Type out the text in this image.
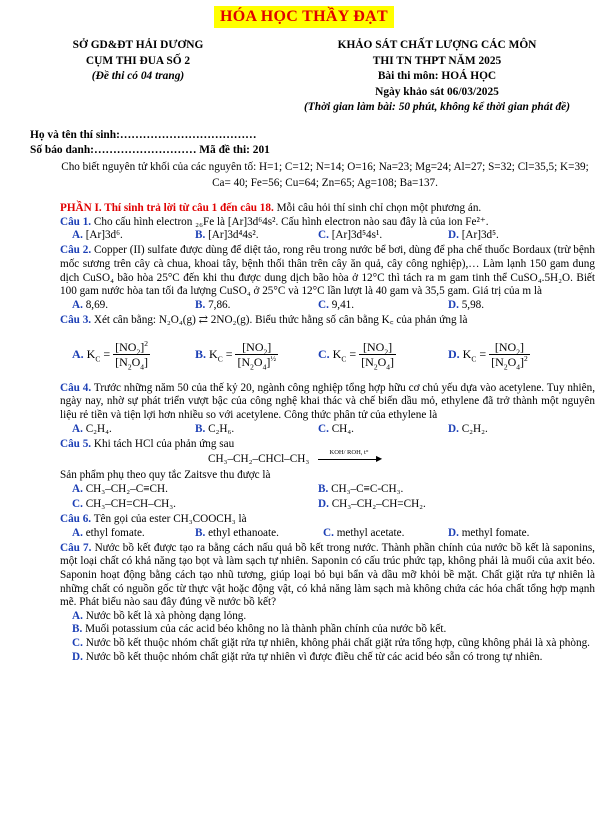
HÓA HỌC THẦY ĐẠT
SỞ GD&ĐT HẢI DƯƠNG
CỤM THI ĐUA SỐ 2
(Đề thi có 04 trang)
KHẢO SÁT CHẤT LƯỢNG CÁC MÔN
THI TN THPT NĂM 2025
Bài thi môn: HOÁ HỌC
Ngày khảo sát 06/03/2025
(Thời gian làm bài: 50 phút, không kể thời gian phát đề)
Họ và tên thí sinh:………………………………
Số báo danh:……………………… Mã đề thi: 201
Cho biết nguyên tử khối của các nguyên tố: H=1; C=12; N=14; O=16; Na=23; Mg=24; Al=27; S=32; Cl=35,5; K=39; Ca= 40; Fe=56; Cu=64; Zn=65; Ag=108; Ba=137.

PHẦN I. Thí sinh trả lời từ câu 1 đến câu 18. Mỗi câu hỏi thí sinh chỉ chọn một phương án.

Câu 1. Cho cấu hình electron ₂₆Fe là [Ar]3d⁶4s². Cấu hình electron nào sau đây là của ion Fe²⁺.

A. [Ar]3d⁶.	B. [Ar]3d⁴4s².	C. [Ar]3d⁵4s¹.	D. [Ar]3d⁵.

Câu 2. Copper (II) sulfate được dùng để diệt tảo, rong rêu trong nước bể bơi, dùng để pha chế thuốc Bordaux (trừ bệnh mốc sương trên cây cà chua, khoai tây, bệnh thối thân trên cây ăn quả, cây công nghiệp),… Làm lạnh 150 gam dung dịch CuSO₄ bão hòa 25°C đến khi thu được dung dịch bão hòa ở 12°C thì tách ra m gam tinh thể CuSO₄.5H₂O. Biết 100 gam nước hòa tan tối đa lượng CuSO₄ ở 25°C và 12°C lần lượt là 40 gam và 35,5 gam. Giá trị của m là

A. 8,69.	B. 7,86.	C. 9,41.	D. 5,98.

Câu 3. Xét cân bằng: N₂O₄(g) ⇄ 2NO₂(g). Biểu thức hằng số cân bằng K꜀ của phản ứng là

A. $K_C = \frac{[NO_2]^2}{[N_2O_4]}$	B. $K_C = \frac{[NO_2]}{[N_2O_4]^{\frac{1}{2}}}$	C. $K_C = \frac{[NO_2]}{[N_2O_4]}$	D. $K_C = \frac{[NO_2]}{[N_2O_4]^2}$

Câu 4. Trước những năm 50 của thế kỷ 20, ngành công nghiệp tổng hợp hữu cơ chủ yếu dựa vào acetylene. Tuy nhiên, ngày nay, nhờ sự phát triển vượt bậc của công nghệ khai thác và chế biến dầu mỏ, ethylene đã trở thành một nguyên liệu rẻ tiền và tiện lợi hơn nhiều so với acetylene. Công thức phân tử của ethylene là

A. C₂H₄.	B. C₂H₆.	C. CH₄.	D. C₂H₂.

Câu 5. Khi tách HCl của phản ứng sau

CH₃–CH₂–CHCl–CH₃
KOH/ ROH, t°
▶

Sản phẩm phụ theo quy tắc Zaitsve thu được là

A. CH₃–CH₂–C≡CH.	B. CH₃–C≡C-CH₃.
C. CH₃–CH=CH–CH₃.	D. CH₃–CH₂–CH=CH₂.

Câu 6. Tên gọi của ester CH₃COOCH₃ là

A. ethyl fomate.	B. ethyl ethanoate.	C. methyl acetate.	D. methyl fomate.

Câu 7. Nước bồ kết được tạo ra bằng cách nấu quả bồ kết trong nước. Thành phần chính của nước bồ kết là saponins, một loại chất có khả năng tạo bọt và làm sạch tự nhiên. Saponin có cấu trúc phức tạp, không phải là muối của axit béo. Saponin hoạt động bằng cách tạo nhũ tương, giúp loại bỏ bụi bẩn và dầu mỡ khỏi bề mặt. Chất giặt rửa tự nhiên là những chất có nguồn gốc từ thực vật hoặc động vật, có khả năng làm sạch mà không chứa các hóa chất tổng hợp mạnh mẽ. Phát biểu nào sau đây đúng về nước bồ kết?

A. Nước bồ kết là xà phòng dạng lỏng.

B. Muối potassium của các acid béo không no là thành phần chính của nước bồ kết.

C. Nước bồ kết thuộc nhóm chất giặt rửa tự nhiên, không phải chất giặt rửa tổng hợp, cũng không phải là xà phòng.

D. Nước bồ kết thuộc nhóm chất giặt rửa tự nhiên vì được điều chế từ các acid béo sẵn có trong tự nhiên.
